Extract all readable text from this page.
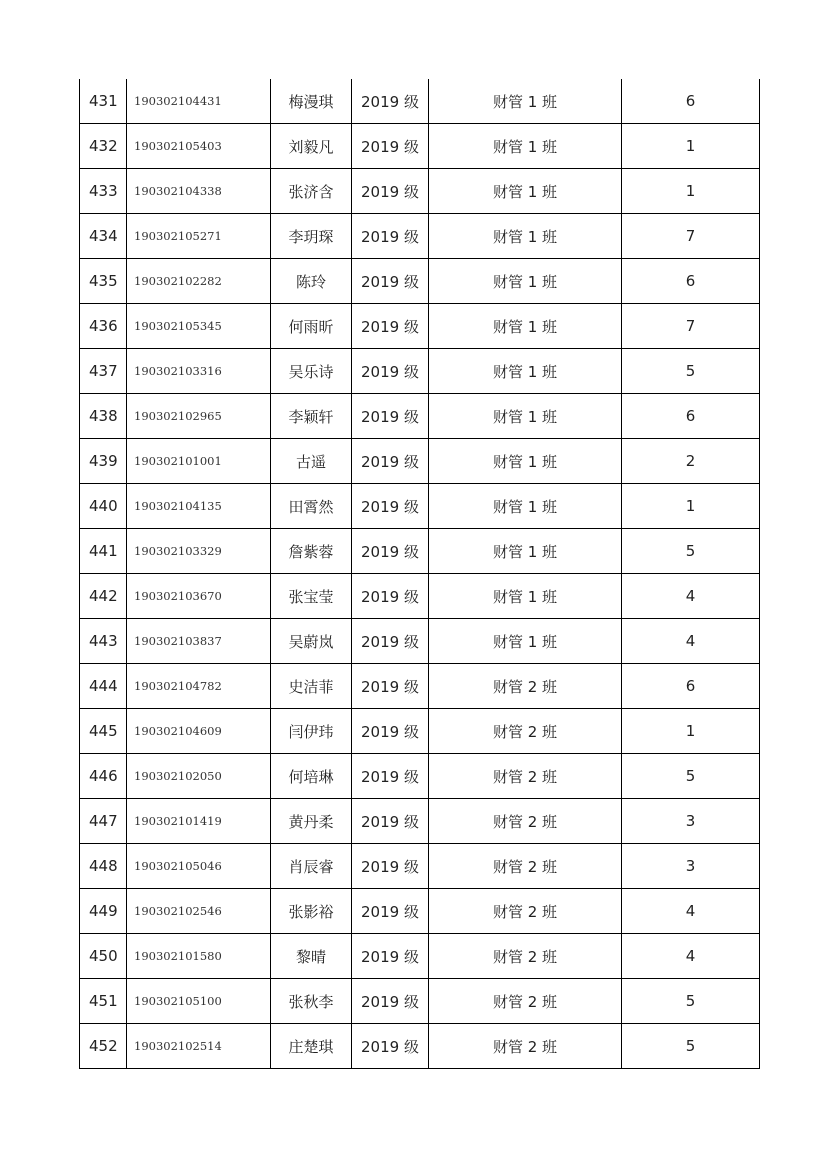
431	190302104431	梅漫琪	2019 级	财管 1 班	6
432	190302105403	刘毅凡	2019 级	财管 1 班	1
433	190302104338	张济含	2019 级	财管 1 班	1
434	190302105271	李玥琛	2019 级	财管 1 班	7
435	190302102282	陈玲	2019 级	财管 1 班	6
436	190302105345	何雨昕	2019 级	财管 1 班	7
437	190302103316	吴乐诗	2019 级	财管 1 班	5
438	190302102965	李颖轩	2019 级	财管 1 班	6
439	190302101001	古遥	2019 级	财管 1 班	2
440	190302104135	田霄然	2019 级	财管 1 班	1
441	190302103329	詹紫蓉	2019 级	财管 1 班	5
442	190302103670	张宝莹	2019 级	财管 1 班	4
443	190302103837	吴蔚岚	2019 级	财管 1 班	4
444	190302104782	史洁菲	2019 级	财管 2 班	6
445	190302104609	闫伊玮	2019 级	财管 2 班	1
446	190302102050	何培琳	2019 级	财管 2 班	5
447	190302101419	黄丹柔	2019 级	财管 2 班	3
448	190302105046	肖辰睿	2019 级	财管 2 班	3
449	190302102546	张影裕	2019 级	财管 2 班	4
450	190302101580	黎晴	2019 级	财管 2 班	4
451	190302105100	张秋李	2019 级	财管 2 班	5
452	190302102514	庄楚琪	2019 级	财管 2 班	5
